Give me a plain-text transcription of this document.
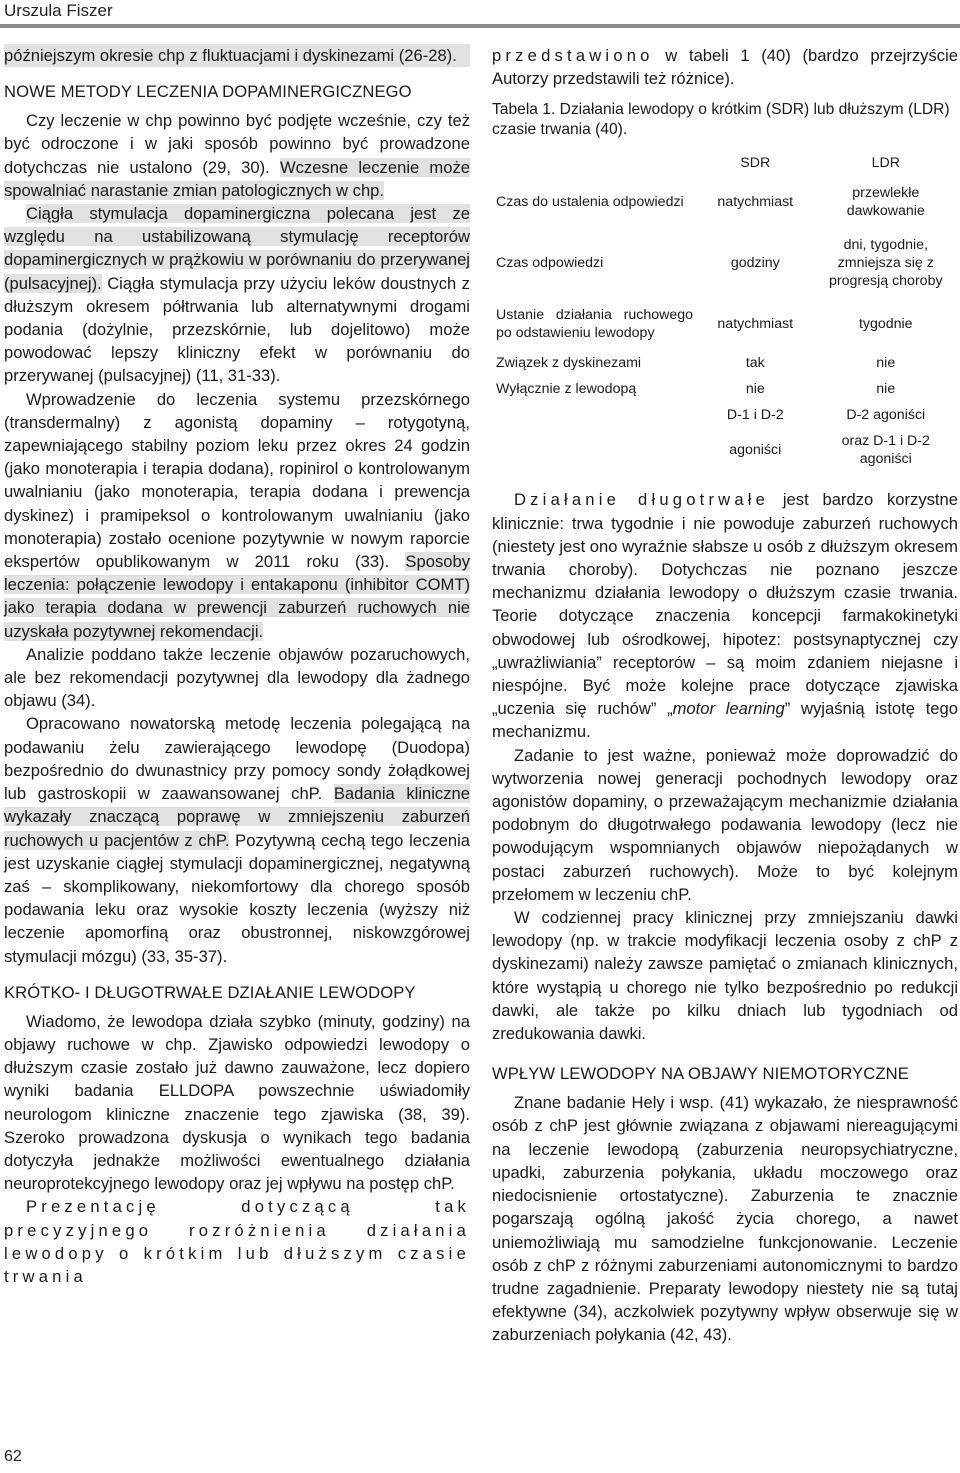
Urszula Fiszer

późniejszym okresie chp z fluktuacjami i dyskinezami (26-28).

NOWE METODY LECZENIA DOPAMINERGICZNEGO

Czy leczenie w chp powinno być podjęte wcześnie, czy też być odroczone i w jaki sposób powinno być prowadzone dotychczas nie ustalono (29, 30). Wczesne leczenie może spowalniać narastanie zmian patologicznych w chp.

Ciągła stymulacja dopaminergiczna polecana jest ze względu na ustabilizowaną stymulację receptorów dopaminergicznych w prążkowiu w porównaniu do przerywanej (pulsacyjnej). Ciągła stymulacja przy użyciu leków doustnych z dłuższym okresem półtrwania lub alternatywnymi drogami podania (dożylnie, przezskórnie, lub dojelitowo) może powodować lepszy kliniczny efekt w porównaniu do przerywanej (pulsacyjnej) (11, 31-33).

Wprowadzenie do leczenia systemu przezskórnego (transdermalny) z agonistą dopaminy – rotygotyną, zapewniającego stabilny poziom leku przez okres 24 godzin (jako monoterapia i terapia dodana), ropinirol o kontrolowanym uwalnianiu (jako monoterapia, terapia dodana i prewencja dyskinez) i pramipeksol o kontrolowanym uwalnianiu (jako monoterapia) zostało ocenione pozytywnie w nowym raporcie ekspertów opublikowanym w 2011 roku (33). Sposoby leczenia: połączenie lewodopy i entakaponu (inhibitor COMT) jako terapia dodana w prewencji zaburzeń ruchowych nie uzyskała pozytywnej rekomendacji.

Analizie poddano także leczenie objawów pozaruchowych, ale bez rekomendacji pozytywnej dla lewodopy dla żadnego objawu (34).

Opracowano nowatorską metodę leczenia polegającą na podawaniu żelu zawierającego lewodopę (Duodopa) bezpośrednio do dwunastnicy przy pomocy sondy żołądkowej lub gastroskopii w zaawansowanej chP. Badania kliniczne wykazały znaczącą poprawę w zmniejszeniu zaburzeń ruchowych u pacjentów z chP. Pozytywną cechą tego leczenia jest uzyskanie ciągłej stymulacji dopaminergicznej, negatywną zaś – skomplikowany, niekomfortowy dla chorego sposób podawania leku oraz wysokie koszty leczenia (wyższy niż leczenie apomorfiną oraz obustronnej, niskowzgórowej stymulacji mózgu) (33, 35-37).

KRÓTKO- I DŁUGOTRWAŁE DZIAŁANIE LEWODOPY

Wiadomo, że lewodopa działa szybko (minuty, godziny) na objawy ruchowe w chp. Zjawisko odpowiedzi lewodopy o dłuższym czasie zostało już dawno zauważone, lecz dopiero wyniki badania ELLDOPA powszechnie uświadomiły neurologom kliniczne znaczenie tego zjawiska (38, 39). Szeroko prowadzona dyskusja o wynikach tego badania dotyczyła jednakże możliwości ewentualnego działania neuroprotekcyjnego lewodopy oraz jej wpływu na postęp chP.

Prezentację dotyczącą tak precyzyjnego rozróżnienia działania lewodopy o krótkim lub dłuższym czasie trwania

przedstawiono w tabeli 1 (40) (bardzo przejrzyście Autorzy przedstawili też różnice).

Tabela 1. Działania lewodopy o krótkim (SDR) lub dłuższym (LDR) czasie trwania (40).
	SDR	LDR
Czas do ustalenia odpowiedzi	natychmiast	przewlekłe dawkowanie
Czas odpowiedzi	godziny	dni, tygodnie, zmniejsza się z progresją choroby
Ustanie działania ruchowego po odstawieniu lewodopy	natychmiast	tygodnie
Związek z dyskinezami	tak	nie
Wyłącznie z lewodopą	nie	nie
	D-1 i D-2	D-2 agoniści
	agoniści	oraz D-1 i D-2 agoniści

Działanie długotrwałe jest bardzo korzystne klinicznie: trwa tygodnie i nie powoduje zaburzeń ruchowych (niestety jest ono wyraźnie słabsze u osób z dłuższym okresem trwania choroby). Dotychczas nie poznano jeszcze mechanizmu działania lewodopy o dłuższym czasie trwania. Teorie dotyczące znaczenia koncepcji farmakokinetyki obwodowej lub ośrodkowej, hipotez: postsynaptycznej czy „uwrażliwiania” receptorów – są moim zdaniem niejasne i niespójne. Być może kolejne prace dotyczące zjawiska „uczenia się ruchów” „motor learning” wyjaśnią istotę tego mechanizmu.

Zadanie to jest ważne, ponieważ może doprowadzić do wytworzenia nowej generacji pochodnych lewodopy oraz agonistów dopaminy, o przeważającym mechanizmie działania podobnym do długotrwałego podawania lewodopy (lecz nie powodującym wspomnianych objawów niepożądanych w postaci zaburzeń ruchowych). Może to być kolejnym przełomem w leczeniu chP.

W codziennej pracy klinicznej przy zmniejszaniu dawki lewodopy (np. w trakcie modyfikacji leczenia osoby z chP z dyskinezami) należy zawsze pamiętać o zmianach klinicznych, które wystąpią u chorego nie tylko bezpośrednio po redukcji dawki, ale także po kilku dniach lub tygodniach od zredukowania dawki.

WPŁYW LEWODOPY NA OBJAWY NIEMOTORYCZNE

Znane badanie Hely i wsp. (41) wykazało, że niesprawność osób z chP jest głównie związana z objawami niereagującymi na leczenie lewodopą (zaburzenia neuropsychiatryczne, upadki, zaburzenia połykania, układu moczowego oraz niedocisnienie ortostatyczne). Zaburzenia te znacznie pogarszają ogólną jakość życia chorego, a nawet uniemożliwiają mu samodzielne funkcjonowanie. Leczenie osób z chP z różnymi zaburzeniami autonomicznymi to bardzo trudne zagadnienie. Preparaty lewodopy niestety nie są tutaj efektywne (34), aczkolwiek pozytywny wpływ obserwuje się w zaburzeniach połykania (42, 43).

62
